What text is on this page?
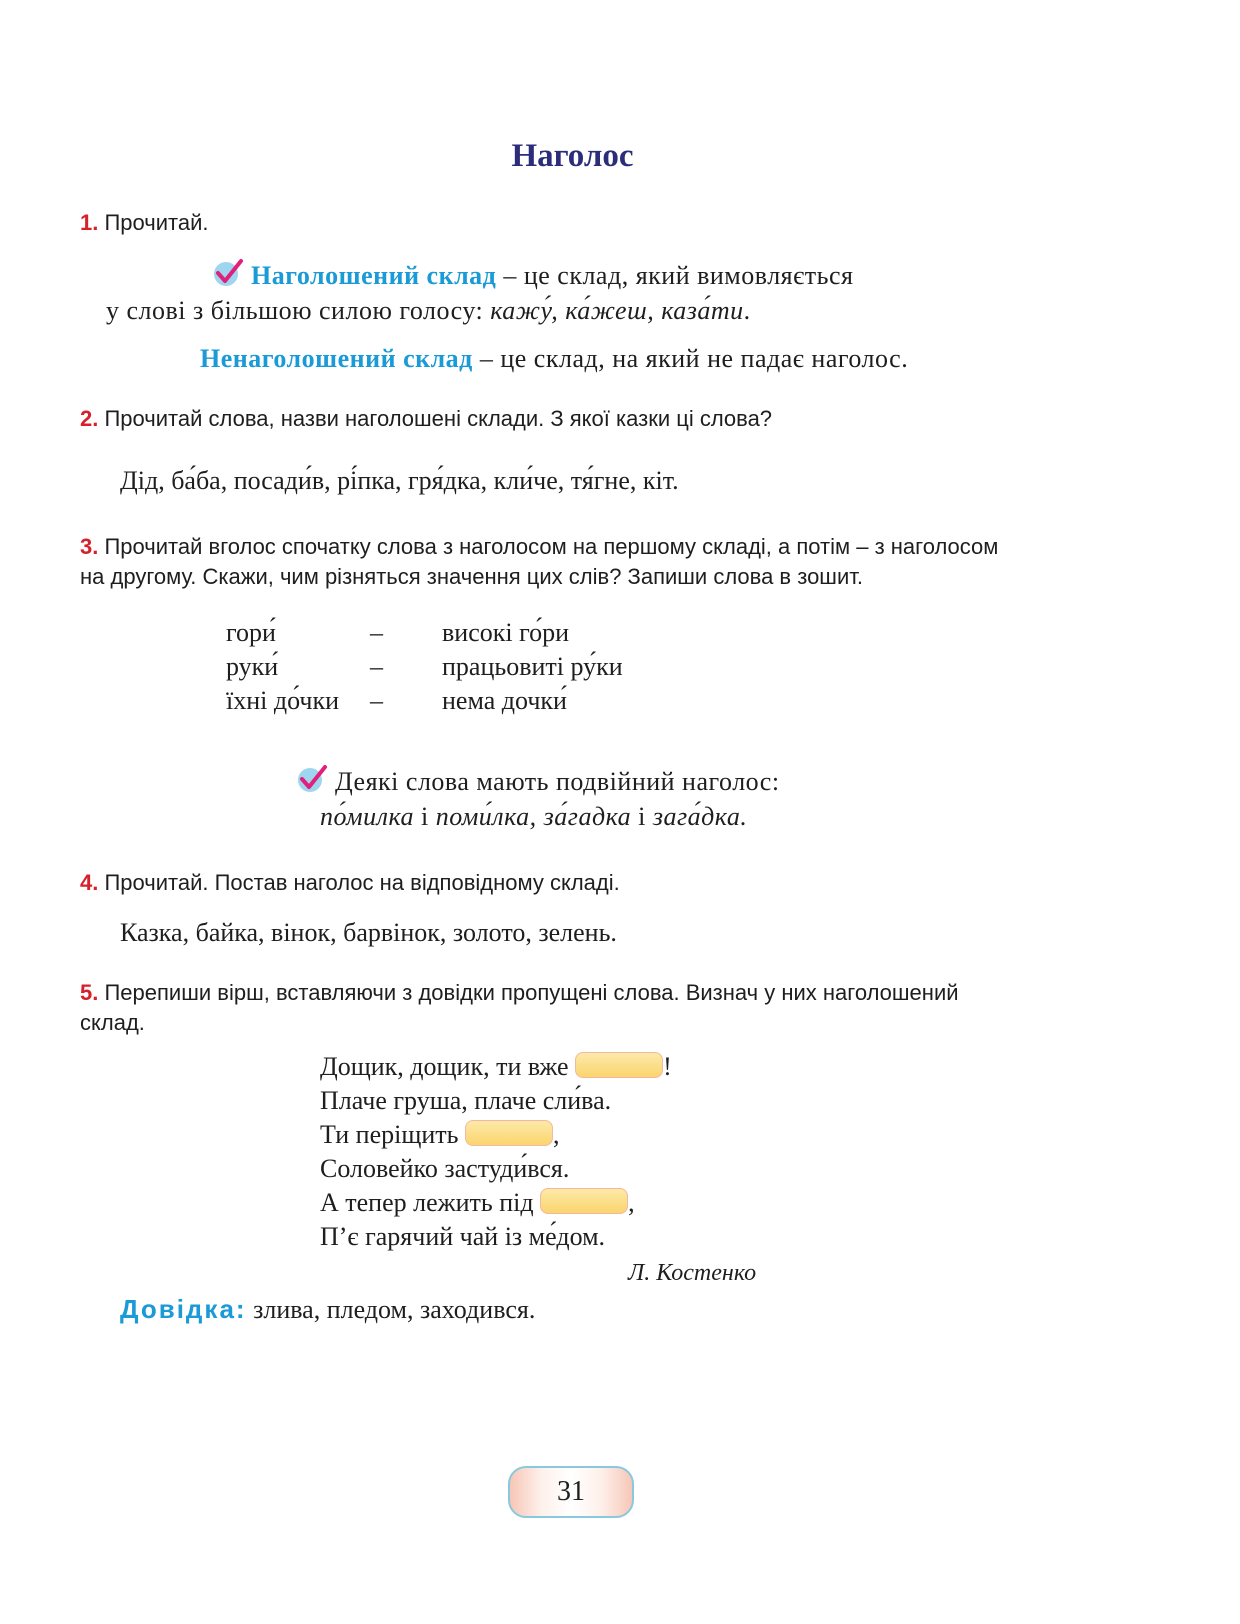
Наголос
1. Прочитай.
Наголошений склад – це склад, який вимовляється
у слові з більшою силою голосу: кажу́, ка́жеш, каза́ти.
Ненаголошений склад – це склад, на який не падає наголос.
2. Прочитай слова, назви наголошені склади. З якої казки ці слова?
Дід, ба́ба, посади́в, рі́пка, гря́дка, кли́че, тя́гне, кіт.
3. Прочитай вголос спочатку слова з наголосом на першому складі, а потім – з наголосом
на другому. Скажи, чим різняться значення цих слів? Запиши слова в зошит.
гори́	– високі го́ри
руки́	– працьовиті ру́ки
їхні до́чки – нема дочки́
Деякі слова мають подвійний наголос:
по́милка і поми́лка, за́гадка і зага́дка.
4. Прочитай. Постав наголос на відповідному складі.
Казка, байка, вінок, барвінок, золото, зелень.
5. Перепиши вірш, вставляючи з довідки пропущені слова. Визнач у них наголошений
склад.
Дощик, дощик, ти вже	!
Плаче груша, плаче сли́ва.
Ти періщить	,
Соловейко застуди́вся.
А тепер лежить під	,
П’є гарячий чай із ме́дом.
Л. Костенко
Довідка: злива, пледом, заходився.
31
